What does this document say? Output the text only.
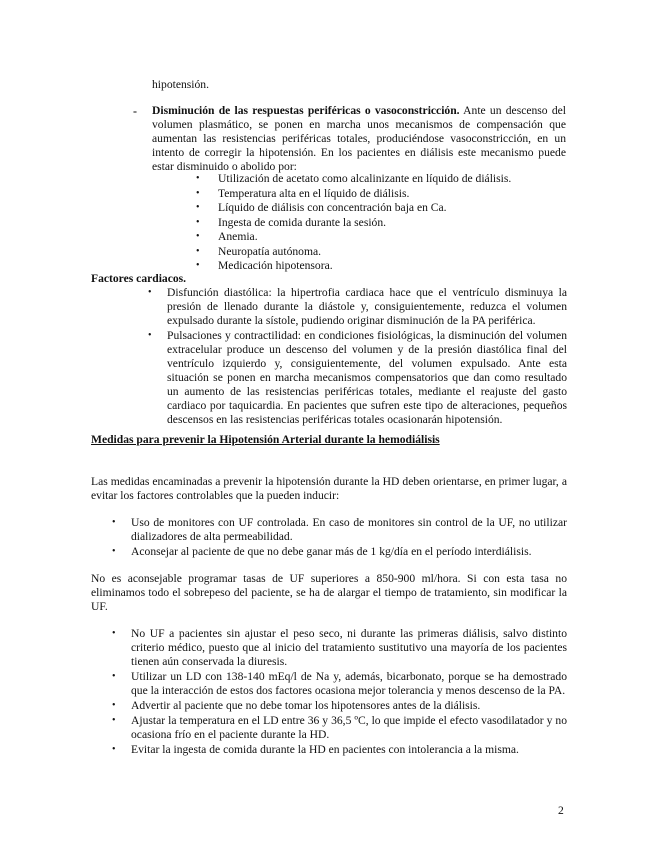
hipotensión.

- Disminución de las respuestas periféricas o vasoconstricción. Ante un descenso del volumen plasmático, se ponen en marcha unos mecanismos de compensación que aumentan las resistencias periféricas totales, produciéndose vasoconstricción, en un intento de corregir la hipotensión. En los pacientes en diálisis este mecanismo puede estar disminuido o abolido por:

• Utilización de acetato como alcalinizante en líquido de diálisis.
• Temperatura alta en el líquido de diálisis.
• Líquido de diálisis con concentración baja en Ca.
• Ingesta de comida durante la sesión.
• Anemia.
• Neuropatía autónoma.
• Medicación hipotensora.

Factores cardiacos.

• Disfunción diastólica: la hipertrofia cardiaca hace que el ventrículo disminuya la presión de llenado durante la diástole y, consiguientemente, reduzca el volumen expulsado durante la sístole, pudiendo originar disminución de la PA periférica.

• Pulsaciones y contractilidad: en condiciones fisiológicas, la disminución del volumen extracelular produce un descenso del volumen y de la presión diastólica final del ventrículo izquierdo y, consiguientemente, del volumen expulsado. Ante esta situación se ponen en marcha mecanismos compensatorios que dan como resultado un aumento de las resistencias periféricas totales, mediante el reajuste del gasto cardiaco por taquicardia. En pacientes que sufren este tipo de alteraciones, pequeños descensos en las resistencias periféricas totales ocasionarán hipotensión.

Medidas para prevenir la Hipotensión Arterial durante la hemodiálisis

Las medidas encaminadas a prevenir la hipotensión durante la HD deben orientarse, en primer lugar, a evitar los factores controlables que la pueden inducir:

• Uso de monitores con UF controlada. En caso de monitores sin control de la UF, no utilizar dializadores de alta permeabilidad.

• Aconsejar al paciente de que no debe ganar más de 1 kg/día en el período interdiálisis.

No es aconsejable programar tasas de UF superiores a 850-900 ml/hora. Si con esta tasa no eliminamos todo el sobrepeso del paciente, se ha de alargar el tiempo de tratamiento, sin modificar la UF.

• No UF a pacientes sin ajustar el peso seco, ni durante las primeras diálisis, salvo distinto criterio médico, puesto que al inicio del tratamiento sustitutivo una mayoría de los pacientes tienen aún conservada la diuresis.

• Utilizar un LD con 138-140 mEq/l de Na y, además, bicarbonato, porque se ha demostrado que la interacción de estos dos factores ocasiona mejor tolerancia y menos descenso de la PA.

• Advertir al paciente que no debe tomar los hipotensores antes de la diálisis.

• Ajustar la temperatura en el LD entre 36 y 36,5 ºC, lo que impide el efecto vasodilatador y no ocasiona frío en el paciente durante la HD.

• Evitar la ingesta de comida durante la HD en pacientes con intolerancia a la misma.

2
